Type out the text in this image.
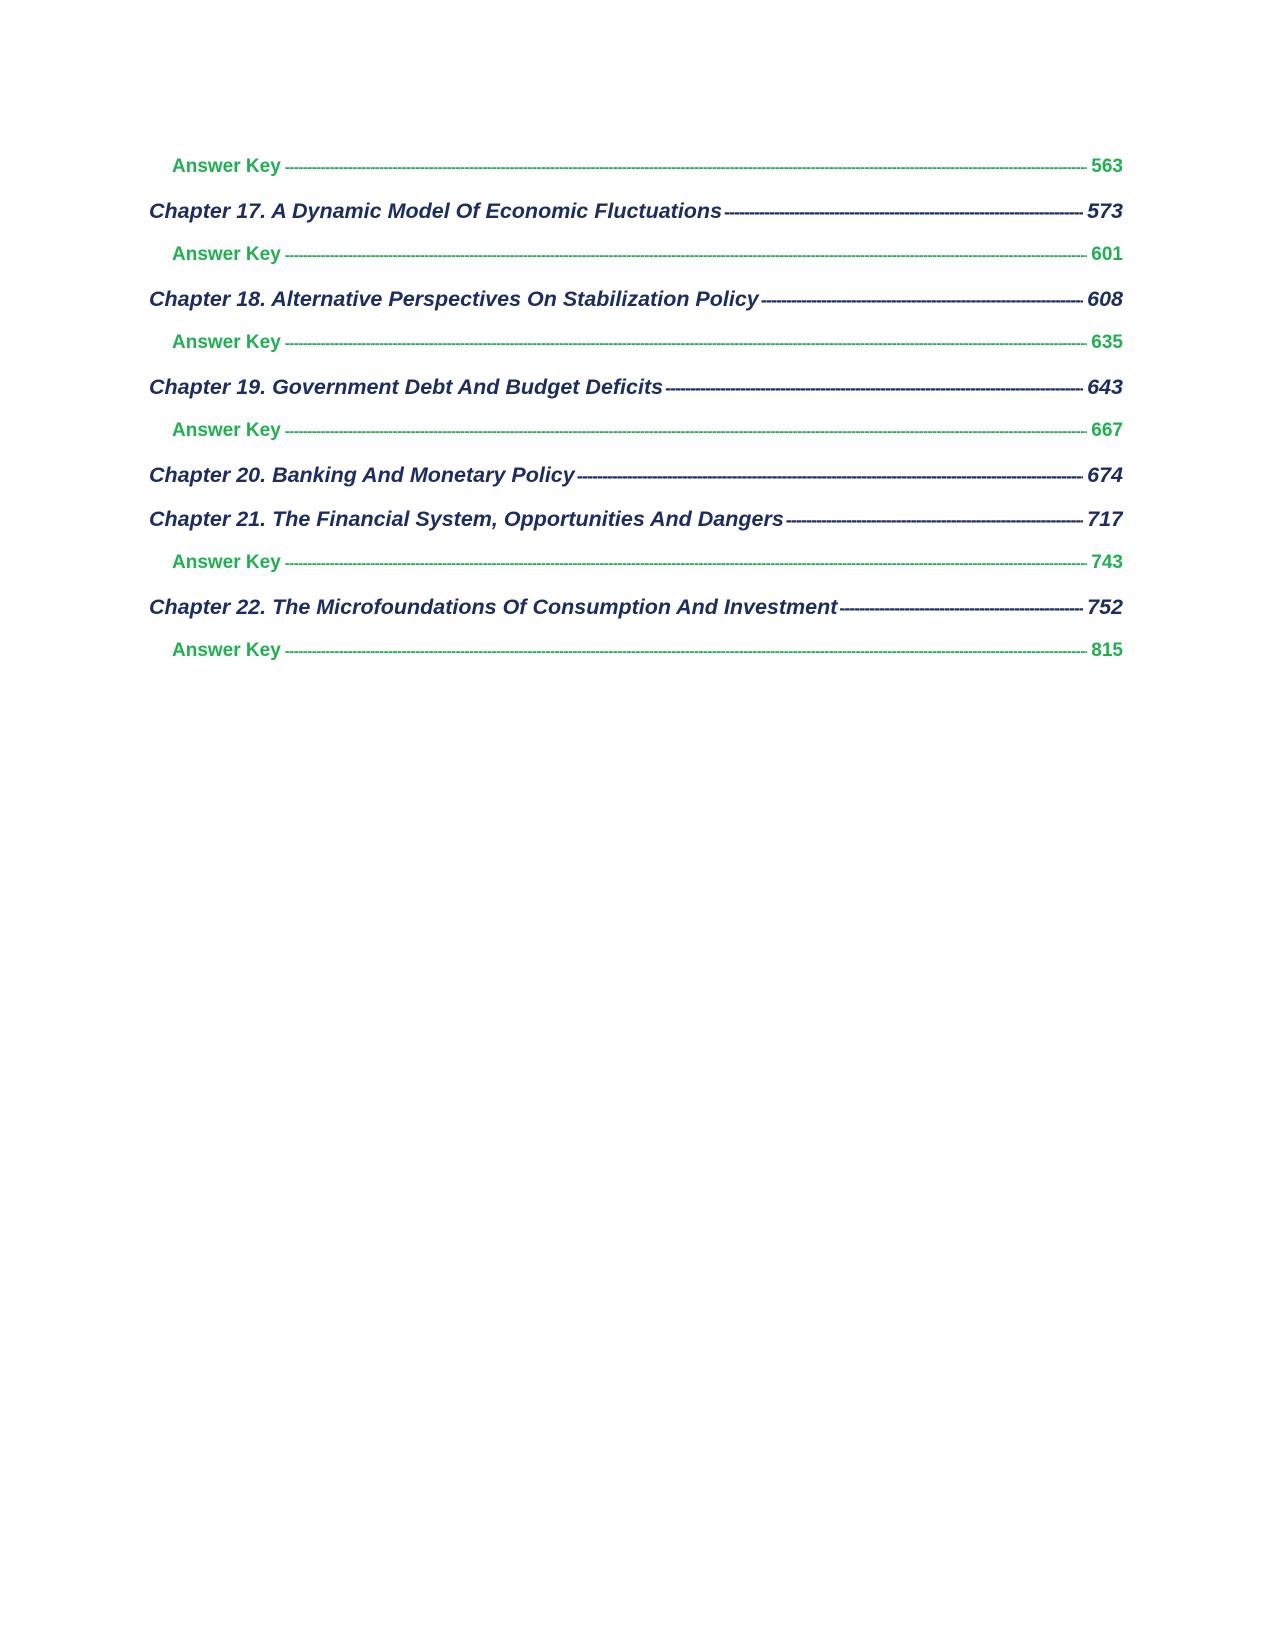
Answer Key -----	563
Chapter 17. A Dynamic Model Of Economic Fluctuations -----	573
Answer Key -----	601
Chapter 18. Alternative Perspectives On Stabilization Policy -----	608
Answer Key -----	635
Chapter 19. Government Debt And Budget Deficits -----	643
Answer Key -----	667
Chapter 20. Banking And Monetary Policy -----	674
Chapter 21. The Financial System, Opportunities And Dangers -----	717
Answer Key -----	743
Chapter 22. The Microfoundations Of Consumption And Investment -----	752
Answer Key -----	815
